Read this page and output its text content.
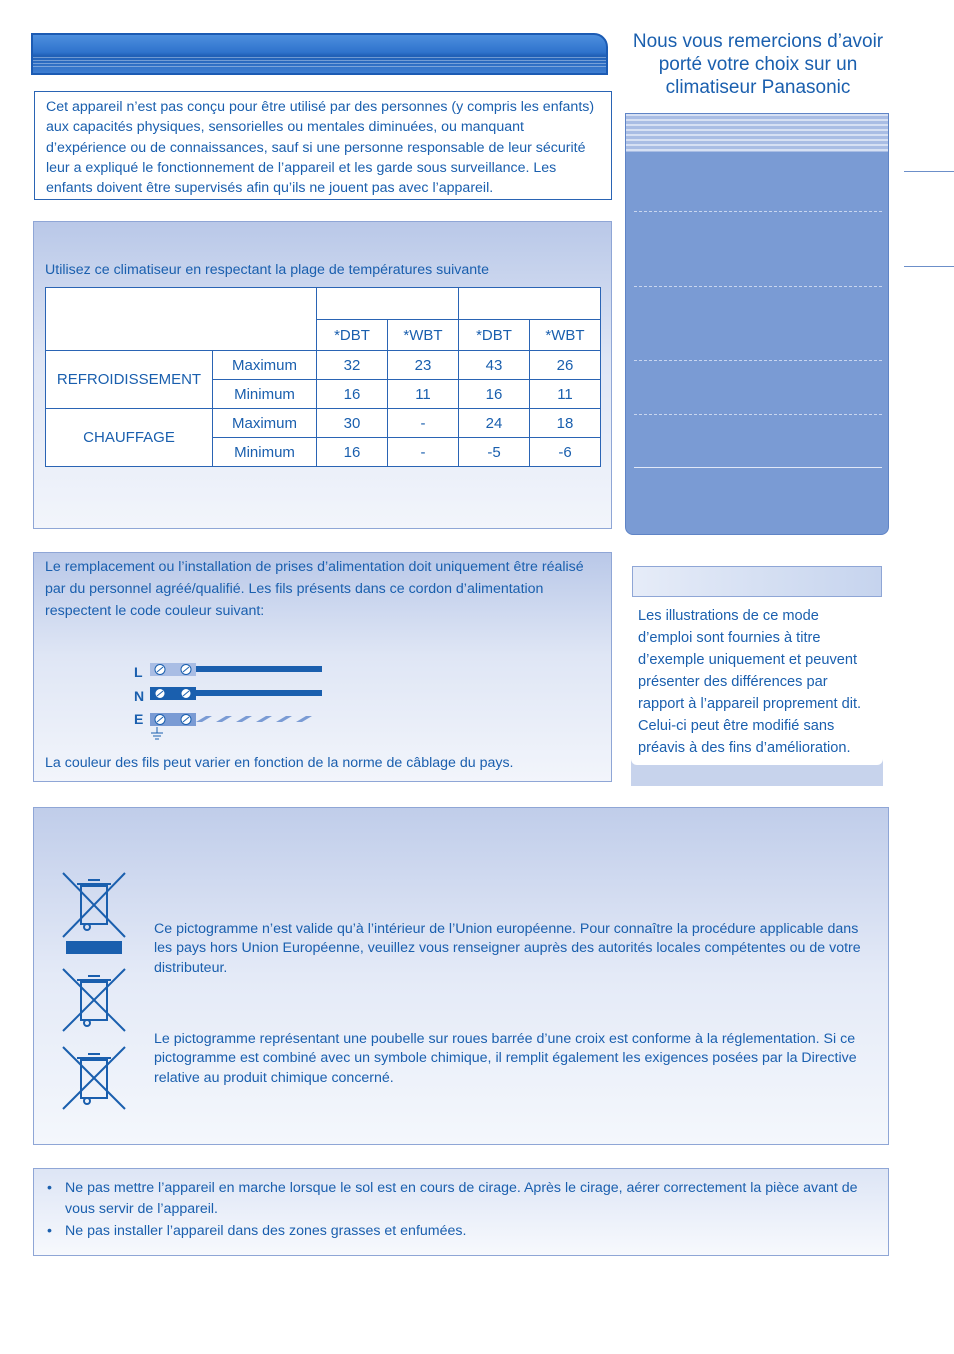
Cet appareil n’est pas conçu pour être utilisé par des personnes (y compris les enfants) aux capacités physiques, sensorielles ou mentales diminuées, ou manquant d’expérience ou de connaissances, sauf si une personne responsable de leur sécurité leur a expliqué le fonctionnement de l’appareil et les garde sous surveillance. Les enfants doivent être supervisés afin qu’ils ne jouent pas avec l’appareil.
Nous vous remercions d’avoir porté votre choix sur un climatiseur Panasonic
Utilisez ce climatiseur en respectant la plage de températures suivante

		*DBT	*WBT	*DBT	*WBT
REFROIDISSEMENT	Maximum	32	23	43	26
	Minimum	16	11	16	11
CHAUFFAGE	Maximum	30	-	24	18
	Minimum	16	-	-5	-6
Le remplacement ou l’installation de prises d’alimentation doit uniquement être réalisé par du personnel agréé/qualifié. Les fils présents dans ce cordon d’alimentation respectent le code couleur suivant:
L
N
E
La couleur des fils peut varier en fonction de la norme de câblage du pays.
Les illustrations de ce mode d’emploi sont fournies à titre d’exemple uniquement et peuvent présenter des différences par rapport à l’appareil proprement dit. Celui-ci peut être modifié sans préavis à des fins d’amélioration.
Ce pictogramme n’est valide qu’à l’intérieur de l’Union européenne. Pour connaître la procédure applicable dans les pays hors Union Européenne, veuillez vous renseigner auprès des autorités locales compétentes ou de votre distributeur.
Le pictogramme représentant une poubelle sur roues barrée d’une croix est conforme à la réglementation. Si ce pictogramme est combiné avec un symbole chimique, il remplit également les exigences posées par la Directive relative au produit chimique concerné.
• Ne pas mettre l’appareil en marche lorsque le sol est en cours de cirage. Après le cirage, aérer correctement la pièce avant de vous servir de l’appareil.
• Ne pas installer l’appareil dans des zones grasses et enfumées.
